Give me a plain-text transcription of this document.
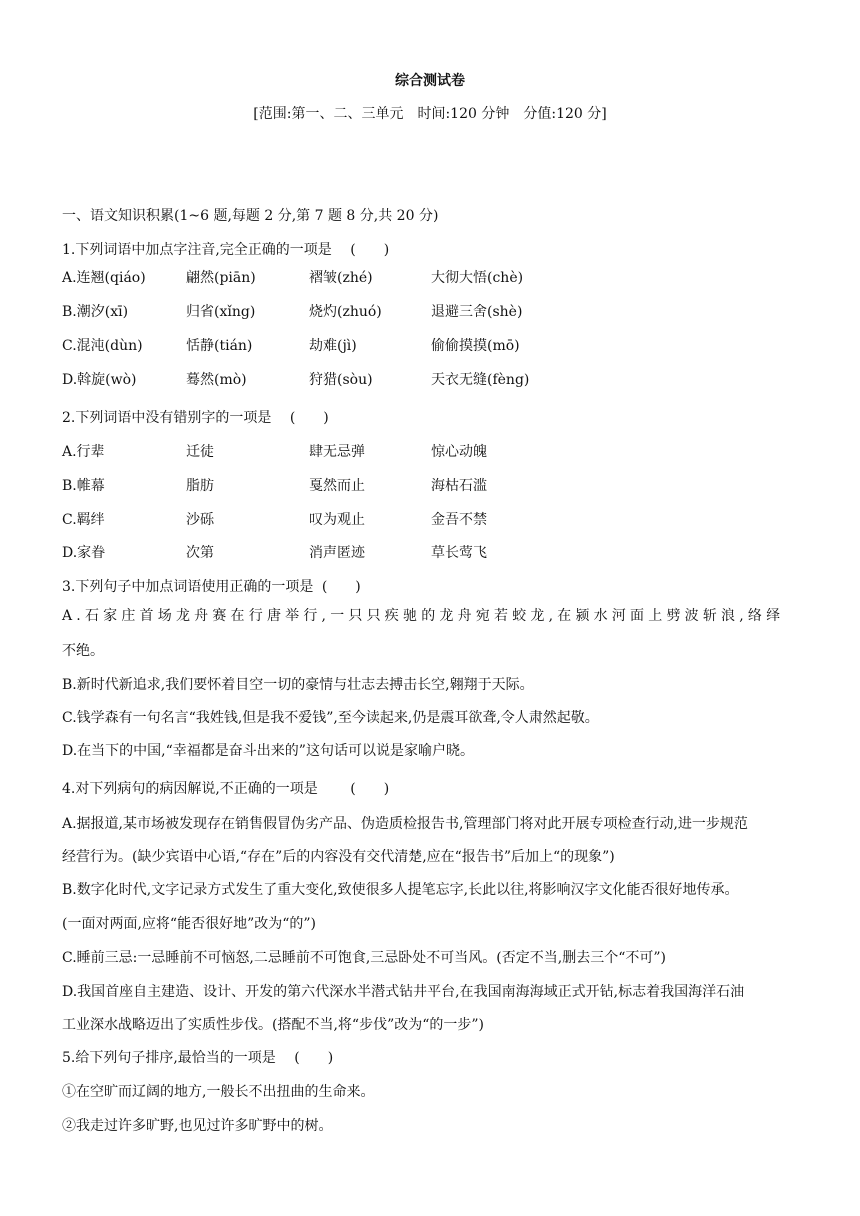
综合测试卷
[范围:第一、二、三单元　时间:120 分钟　分值:120 分]
一、语文知识积累(1~6 题,每题 2 分,第 7 题 8 分,共 20 分)
1.下列词语中加点字注音,完全正确的一项是 (　　)
A.连翘(qiáo)	翩然(piān)	褶皱(zhé)	大彻大悟(chè)
B.潮汐(xī)	归省(xǐng)	烧灼(zhuó)	退避三舍(shè)
C.混沌(dùn)	恬静(tián)	劫难(jì)	偷偷摸摸(mō)
D.斡旋(wò)	蓦然(mò)	狩猎(sòu)	天衣无缝(fèng)
2.下列词语中没有错别字的一项是 (　　)
A.行辈	迁徒	肆无忌弹	惊心动魄
B.帷幕	脂肪	戛然而止	海枯石滥
C.羁绊	沙砾	叹为观止	金吾不禁
D.家眷	次第	消声匿迹	草长莺飞
3.下列句子中加点词语使用正确的一项是 (　　)
A.石家庄首场龙舟赛在行唐举行,一只只疾驰的龙舟宛若蛟龙,在颍水河面上劈波斩浪,络绎
不绝。
B.新时代新追求,我们要怀着目空一切的豪情与壮志去搏击长空,翱翔于天际。
C.钱学森有一句名言“我姓钱,但是我不爱钱”,至今读起来,仍是震耳欲聋,令人肃然起敬。
D.在当下的中国,“幸福都是奋斗出来的”这句话可以说是家喻户晓。
4.对下列病句的病因解说,不正确的一项是 (　　)
A.据报道,某市场被发现存在销售假冒伪劣产品、伪造质检报告书,管理部门将对此开展专项检查行动,进一步规范
经营行为。(缺少宾语中心语,“存在”后的内容没有交代清楚,应在“报告书”后加上“的现象”)
B.数字化时代,文字记录方式发生了重大变化,致使很多人提笔忘字,长此以往,将影响汉字文化能否很好地传承。
(一面对两面,应将“能否很好地”改为“的”)
C.睡前三忌:一忌睡前不可恼怒,二忌睡前不可饱食,三忌卧处不可当风。(否定不当,删去三个“不可”)
D.我国首座自主建造、设计、开发的第六代深水半潜式钻井平台,在我国南海海域正式开钻,标志着我国海洋石油
工业深水战略迈出了实质性步伐。(搭配不当,将“步伐”改为“的一步”)
5.给下列句子排序,最恰当的一项是 (　　)
①在空旷而辽阔的地方,一般长不出扭曲的生命来。
②我走过许多旷野,也见过许多旷野中的树。
